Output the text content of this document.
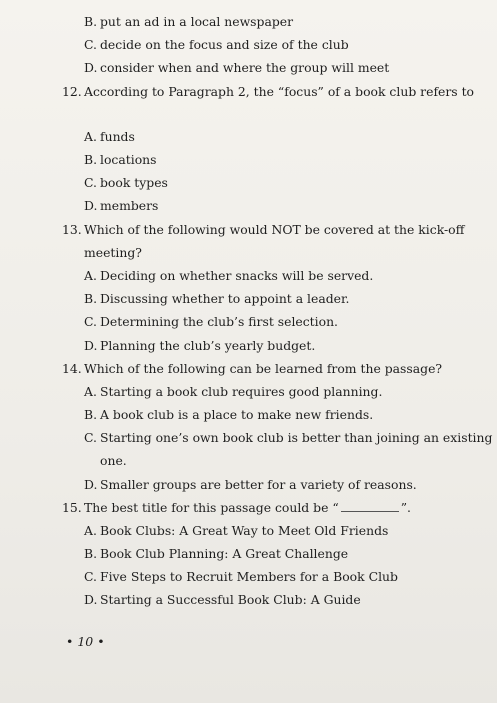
B. put an ad in a local newspaper
C. decide on the focus and size of the club
D. consider when and where the group will meet
12. According to Paragraph 2, the “focus” of a book club refers to
A. funds
B. locations
C. book types
D. members
13. Which of the following would NOT be covered at the kick-off
meeting?
A. Deciding on whether snacks will be served.
B. Discussing whether to appoint a leader.
C. Determining the club’s first selection.
D. Planning the club’s yearly budget.
14. Which of the following can be learned from the passage?
A. Starting a book club requires good planning.
B. A book club is a place to make new friends.
C. Starting one’s own book club is better than joining an existing
one.
D. Smaller groups are better for a variety of reasons.
15. The best title for this passage could be “	”.
A. Book Clubs: A Great Way to Meet Old Friends
B. Book Club Planning: A Great Challenge
C. Five Steps to Recruit Members for a Book Club
D. Starting a Successful Book Club: A Guide
• 10 •
